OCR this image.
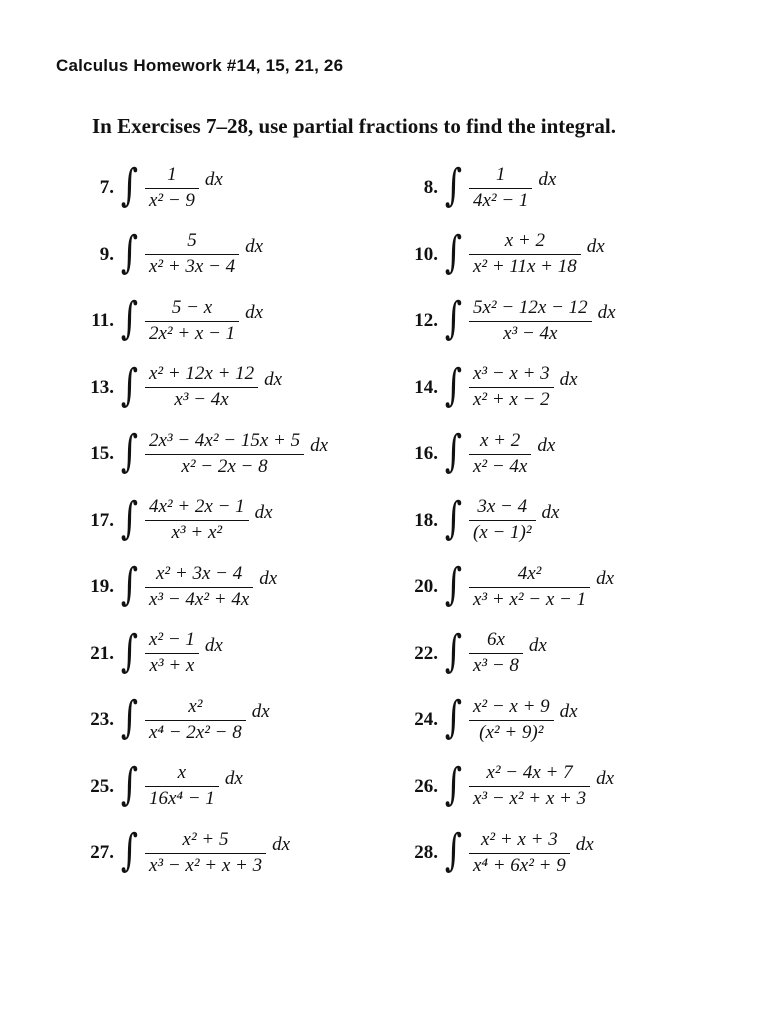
Calculus Homework #14, 15, 21, 26
In Exercises 7–28, use partial fractions to find the integral.
7. ∫ $\frac{1}{\text{x² − 9}}$ dx	8. ∫ $\frac{1}{\text{4x² − 1}}$ dx
9. ∫ $\frac{5}{\text{x² + 3x − 4}}$ dx	10. ∫ $\frac{x + 2}{\text{x² + 11x + 18}}$ dx
11. ∫ $\frac{5 - x}{\text{2x² + x − 1}}$ dx	12. ∫ $\frac{\text{5x² − 12x − 12}}{\text{x³ − 4x}}$ dx
13. ∫ $\frac{\text{x² + 12x + 12}}{\text{x³ − 4x}}$ dx	14. ∫ $\frac{\text{x³ − x + 3}}{\text{x² + x − 2}}$ dx
15. ∫ $\frac{\text{2x³ − 4x² − 15x + 5}}{\text{x² − 2x − 8}}$ dx	16. ∫ $\frac{x + 2}{\text{x² − 4x}}$ dx
17. ∫ $\frac{\text{4x² + 2x − 1}}{\text{x³ + x²}}$ dx	18. ∫ $\frac{3x - 4}{\text{(x − 1)²}}$ dx
19. ∫ $\frac{\text{x² + 3x − 4}}{\text{x³ − 4x² + 4x}}$ dx	20. ∫ $\frac{\text{4x²}}{\text{x³ + x² − x − 1}}$ dx
21. ∫ $\frac{\text{x² − 1}}{\text{x³ + x}}$ dx	22. ∫ $\frac{6x}{\text{x³ − 8}}$ dx
23. ∫ $\frac{\text{x²}}{\text{x⁴ − 2x² − 8}}$ dx	24. ∫ $\frac{\text{x² − x + 9}}{\text{(x² + 9)²}}$ dx
25. ∫ $\frac{x}{\text{16x⁴ − 1}}$ dx	26. ∫ $\frac{\text{x² − 4x + 7}}{\text{x³ − x² + x + 3}}$ dx
27. ∫ $\frac{\text{x² + 5}}{\text{x³ − x² + x + 3}}$ dx	28. ∫ $\frac{\text{x² + x + 3}}{\text{x⁴ + 6x² + 9}}$ dx
